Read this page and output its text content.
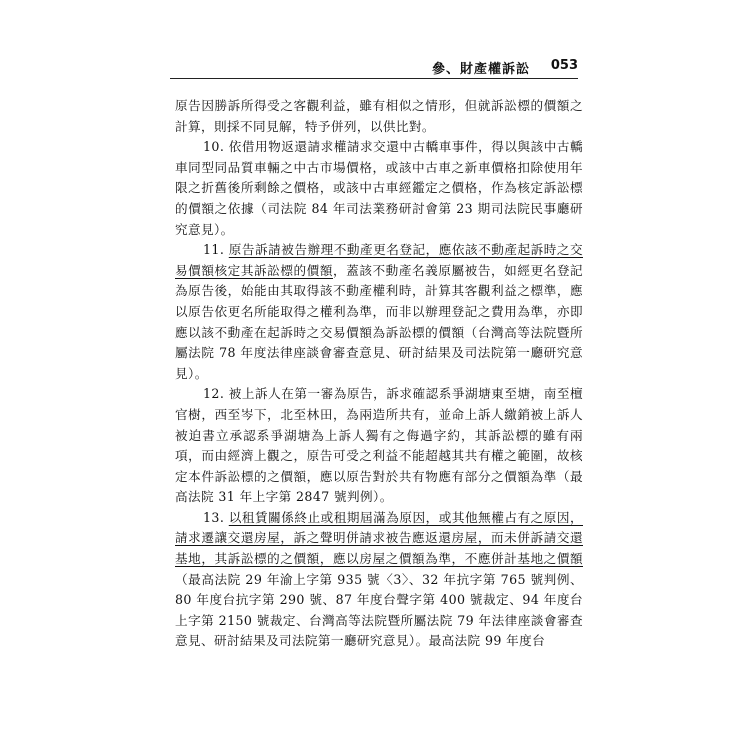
參、財產權訴訟 053

原告因勝訴所得受之客觀利益，雖有相似之情形，但就訴訟標的價額之計算，則採不同見解，特予併列，以供比對。

10. 依借用物返還請求權請求交還中古轎車事件，得以與該中古轎車同型同品質車輛之中古市場價格，或該中古車之新車價格扣除使用年限之折舊後所剩餘之價格，或該中古車經鑑定之價格，作為核定訴訟標的價額之依據（司法院 84 年司法業務研討會第 23 期司法院民事廳研究意見）。

11. 原告訴請被告辦理不動產更名登記，應依該不動產起訴時之交易價額核定其訴訟標的價額，蓋該不動產名義原屬被告，如經更名登記為原告後，始能由其取得該不動產權利時，計算其客觀利益之標準，應以原告依更名所能取得之權利為準，而非以辦理登記之費用為準，亦即應以該不動產在起訴時之交易價額為訴訟標的價額（台灣高等法院暨所屬法院 78 年度法律座談會審查意見、研討結果及司法院第一廳研究意見）。

12. 被上訴人在第一審為原告，訴求確認系爭湖塘東至塘，南至檀官樹，西至岑下，北至林田，為兩造所共有，並命上訴人繳銷被上訴人被迫書立承認系爭湖塘為上訴人獨有之侮過字約，其訴訟標的雖有兩項，而由經濟上觀之，原告可受之利益不能超越其共有權之範圍，故核定本件訴訟標的之價額，應以原告對於共有物應有部分之價額為準（最高法院 31 年上字第 2847 號判例）。

13. 以租賃關係終止或租期屆滿為原因，或其他無權占有之原因，請求遷讓交還房屋，訴之聲明併請求被告應返還房屋，而未併訴請交還基地，其訴訟標的之價額，應以房屋之價額為準，不應併計基地之價額（最高法院 29 年渝上字第 935 號〈3〉、32 年抗字第 765 號判例、80 年度台抗字第 290 號、87 年度台聲字第 400 號裁定、94 年度台上字第 2150 號裁定、台灣高等法院暨所屬法院 79 年法律座談會審查意見、研討結果及司法院第一廳研究意見）。最高法院 99 年度台
